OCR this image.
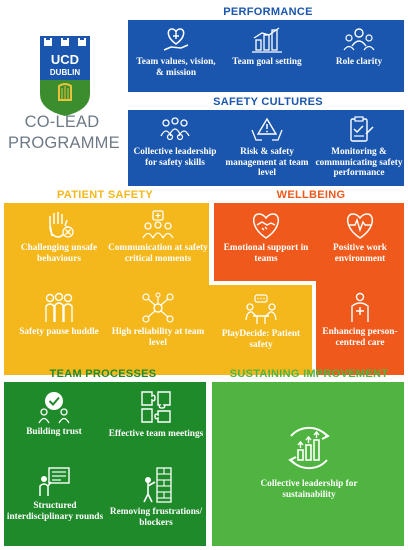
UCD
DUBLIN
CO-LEAD
PROGRAMME
PERFORMANCE
Team values, vision, & mission
Team goal setting	Role clarity
SAFETY CULTURES
Collective leadership for safety skills
Risk & safety management at team level
Monitoring & communicating safety performance
PATIENT SAFETY
Challenging unsafe behaviours
Communication at safety critical moments
Safety pause huddle	High reliability at team level
PlayDecide: Patient safety
WELLBEING
Emotional support in teams
Positive work environment
Enhancing person-centred care
TEAM PROCESSES
Building trust	Effective team meetings
Structured interdisciplinary rounds Removing frustrations/ blockers
SUSTAINING IMPROVEMENT
Collective leadership for sustainability
